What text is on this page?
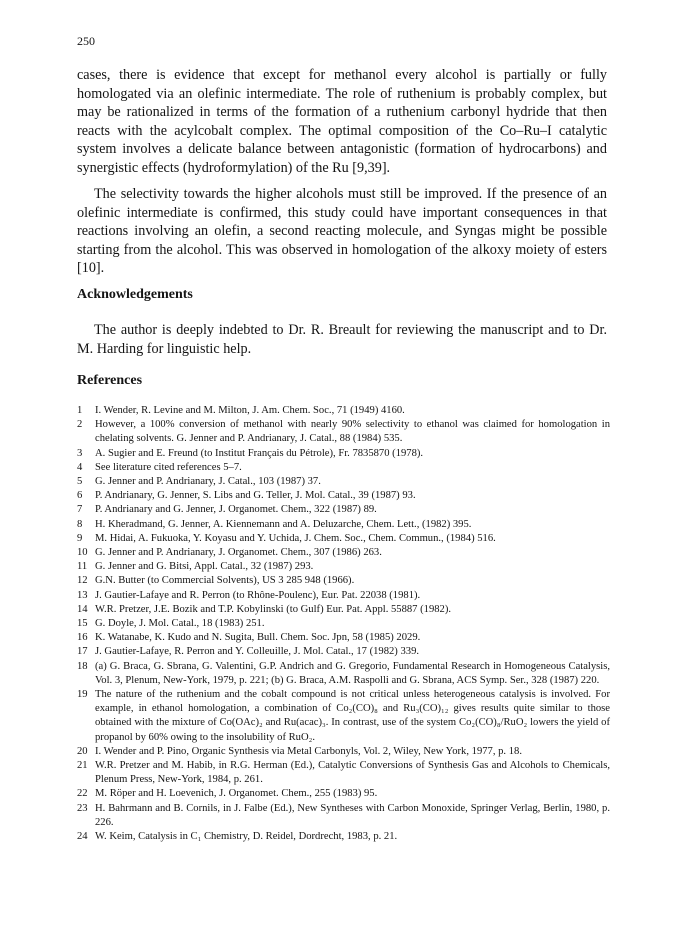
250

cases, there is evidence that except for methanol every alcohol is partially or fully homologated via an olefinic intermediate. The role of ruthenium is probably complex, but may be rationalized in terms of the formation of a ruthenium carbonyl hydride that then reacts with the acylcobalt complex. The optimal composition of the Co–Ru–I catalytic system involves a delicate balance between antagonistic (formation of hydrocarbons) and synergistic effects (hydroformylation) of the Ru [9,39].

The selectivity towards the higher alcohols must still be improved. If the presence of an olefinic intermediate is confirmed, this study could have important consequences in that reactions involving an olefin, a second reacting molecule, and Syngas might be possible starting from the alcohol. This was observed in homologation of the alkoxy moiety of esters [10].

Acknowledgements

The author is deeply indebted to Dr. R. Breault for reviewing the manuscript and to Dr. M. Harding for linguistic help.

References
1	I. Wender, R. Levine and M. Milton, J. Am. Chem. Soc., 71 (1949) 4160.
2	However, a 100% conversion of methanol with nearly 90% selectivity to ethanol was claimed for homologation in chelating solvents. G. Jenner and P. Andrianary, J. Catal., 88 (1984) 535.
3	A. Sugier and E. Freund (to Institut Français du Pétrole), Fr. 7835870 (1978).
4	See literature cited references 5–7.
5	G. Jenner and P. Andrianary, J. Catal., 103 (1987) 37.
6	P. Andrianary, G. Jenner, S. Libs and G. Teller, J. Mol. Catal., 39 (1987) 93.
7	P. Andrianary and G. Jenner, J. Organomet. Chem., 322 (1987) 89.
8	H. Kheradmand, G. Jenner, A. Kiennemann and A. Deluzarche, Chem. Lett., (1982) 395.
9	M. Hidai, A. Fukuoka, Y. Koyasu and Y. Uchida, J. Chem. Soc., Chem. Commun., (1984) 516.
10 G. Jenner and P. Andrianary, J. Organomet. Chem., 307 (1986) 263.
11 G. Jenner and G. Bitsi, Appl. Catal., 32 (1987) 293.
12 G.N. Butter (to Commercial Solvents), US 3 285 948 (1966).
13 J. Gautier-Lafaye and R. Perron (to Rhône-Poulenc), Eur. Pat. 22038 (1981).
14 W.R. Pretzer, J.E. Bozik and T.P. Kobylinski (to Gulf) Eur. Pat. Appl. 55887 (1982).
15 G. Doyle, J. Mol. Catal., 18 (1983) 251.
16 K. Watanabe, K. Kudo and N. Sugita, Bull. Chem. Soc. Jpn, 58 (1985) 2029.
17 J. Gautier-Lafaye, R. Perron and Y. Colleuille, J. Mol. Catal., 17 (1982) 339.
18 (a) G. Braca, G. Sbrana, G. Valentini, G.P. Andrich and G. Gregorio, Fundamental Research in Homogeneous Catalysis, Vol. 3, Plenum, New-York, 1979, p. 221; (b) G. Braca, A.M. Raspolli and G. Sbrana, ACS Symp. Ser., 328 (1987) 220.
19 The nature of the ruthenium and the cobalt compound is not critical unless heterogeneous catalysis is involved. For example, in ethanol homologation, a combination of Co₂(CO)₈ and Ru₃(CO)₁₂ gives results quite similar to those obtained with the mixture of Co(OAc)₂ and Ru(acac)₃. In contrast, use of the system Co₂(CO)₈/RuO₂ lowers the yield of propanol by 60% owing to the insolubility of RuO₂.
20 I. Wender and P. Pino, Organic Synthesis via Metal Carbonyls, Vol. 2, Wiley, New York, 1977, p. 18.
21 W.R. Pretzer and M. Habib, in R.G. Herman (Ed.), Catalytic Conversions of Synthesis Gas and Alcohols to Chemicals, Plenum Press, New-York, 1984, p. 261.
22 M. Röper and H. Loevenich, J. Organomet. Chem., 255 (1983) 95.
23 H. Bahrmann and B. Cornils, in J. Falbe (Ed.), New Syntheses with Carbon Monoxide, Springer Verlag, Berlin, 1980, p. 226.
24 W. Keim, Catalysis in C₁ Chemistry, D. Reidel, Dordrecht, 1983, p. 21.
